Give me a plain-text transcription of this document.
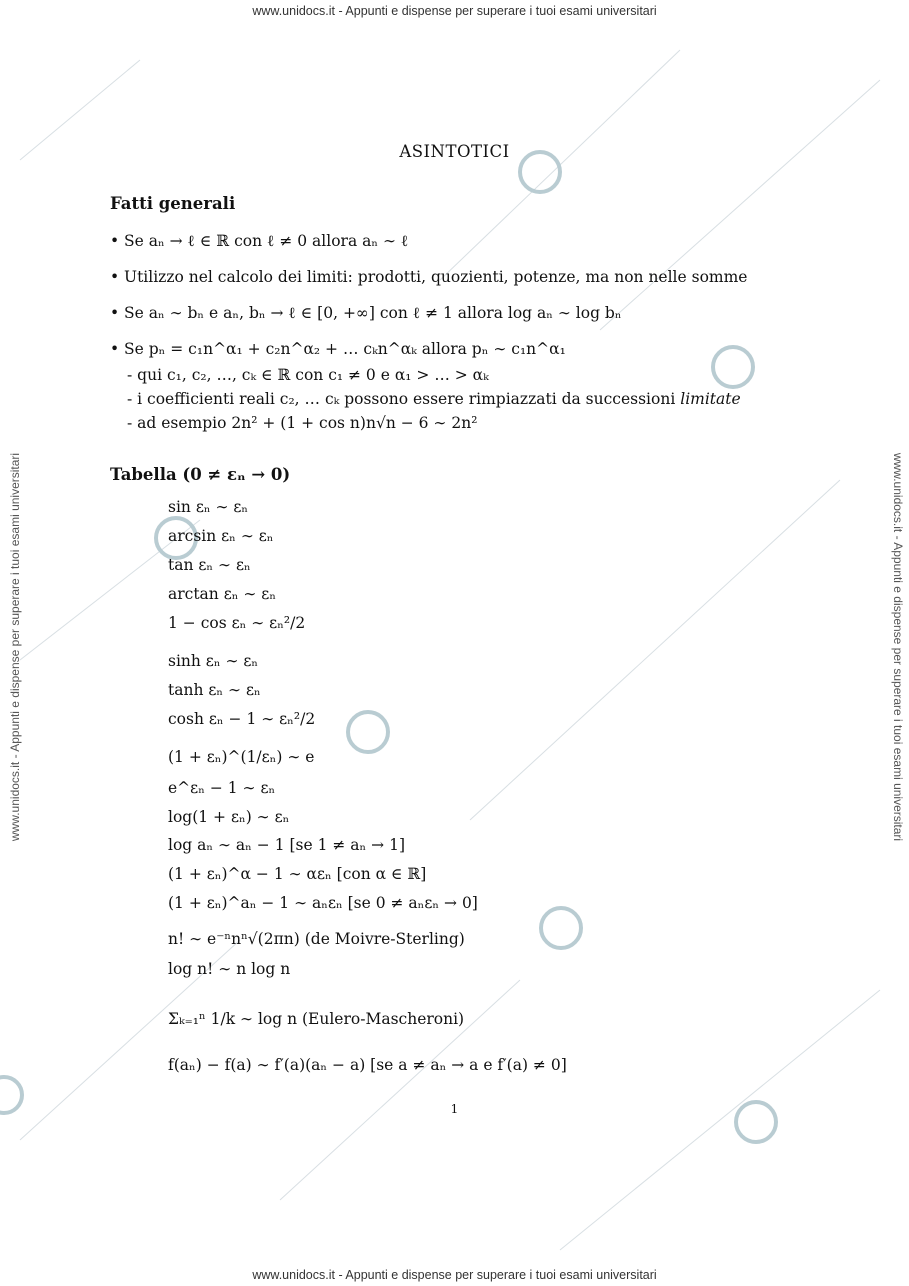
www.unidocs.it - Appunti e dispense per superare i tuoi esami universitari
www.unidocs.it - Appunti e dispense per superare i tuoi esami universitari
www.unidocs.it - Appunti e dispense per superare i tuoi esami universitari	www.unidocs.it - Appunti e dispense per superare i tuoi esami universitari
ASINTOTICI
Fatti generali
• Se aₙ → ℓ ∈ ℝ con ℓ ≠ 0 allora aₙ ∼ ℓ
• Utilizzo nel calcolo dei limiti: prodotti, quozienti, potenze, ma non nelle somme
• Se aₙ ∼ bₙ e aₙ, bₙ → ℓ ∈ [0, +∞] con ℓ ≠ 1 allora log aₙ ∼ log bₙ
• Se pₙ = c₁n^α₁ + c₂n^α₂ + … cₖn^αₖ allora pₙ ∼ c₁n^α₁
- qui c₁, c₂, …, cₖ ∈ ℝ con c₁ ≠ 0 e α₁ > … > αₖ
- i coefficienti reali c₂, … cₖ possono essere rimpiazzati da successioni limitate
- ad esempio 2n² + (1 + cos n)n√n − 6 ∼ 2n²
Tabella (0 ≠ εₙ → 0)
sin εₙ ∼ εₙ
arcsin εₙ ∼ εₙ
tan εₙ ∼ εₙ
arctan εₙ ∼ εₙ
1 − cos εₙ ∼ εₙ²/2
sinh εₙ ∼ εₙ
tanh εₙ ∼ εₙ
cosh εₙ − 1 ∼ εₙ²/2
(1 + εₙ)^(1/εₙ) ∼ e
e^εₙ − 1 ∼ εₙ
log(1 + εₙ) ∼ εₙ
log aₙ ∼ aₙ − 1 [se 1 ≠ aₙ → 1]
(1 + εₙ)^α − 1 ∼ αεₙ [con α ∈ ℝ]
(1 + εₙ)^aₙ − 1 ∼ aₙεₙ [se 0 ≠ aₙεₙ → 0]
n! ∼ e⁻ⁿnⁿ√(2πn) (de Moivre-Sterling)
log n! ∼ n log n
Σₖ₌₁ⁿ 1/k ∼ log n (Eulero-Mascheroni)
f(aₙ) − f(a) ∼ f′(a)(aₙ − a) [se a ≠ aₙ → a e f′(a) ≠ 0]
1
